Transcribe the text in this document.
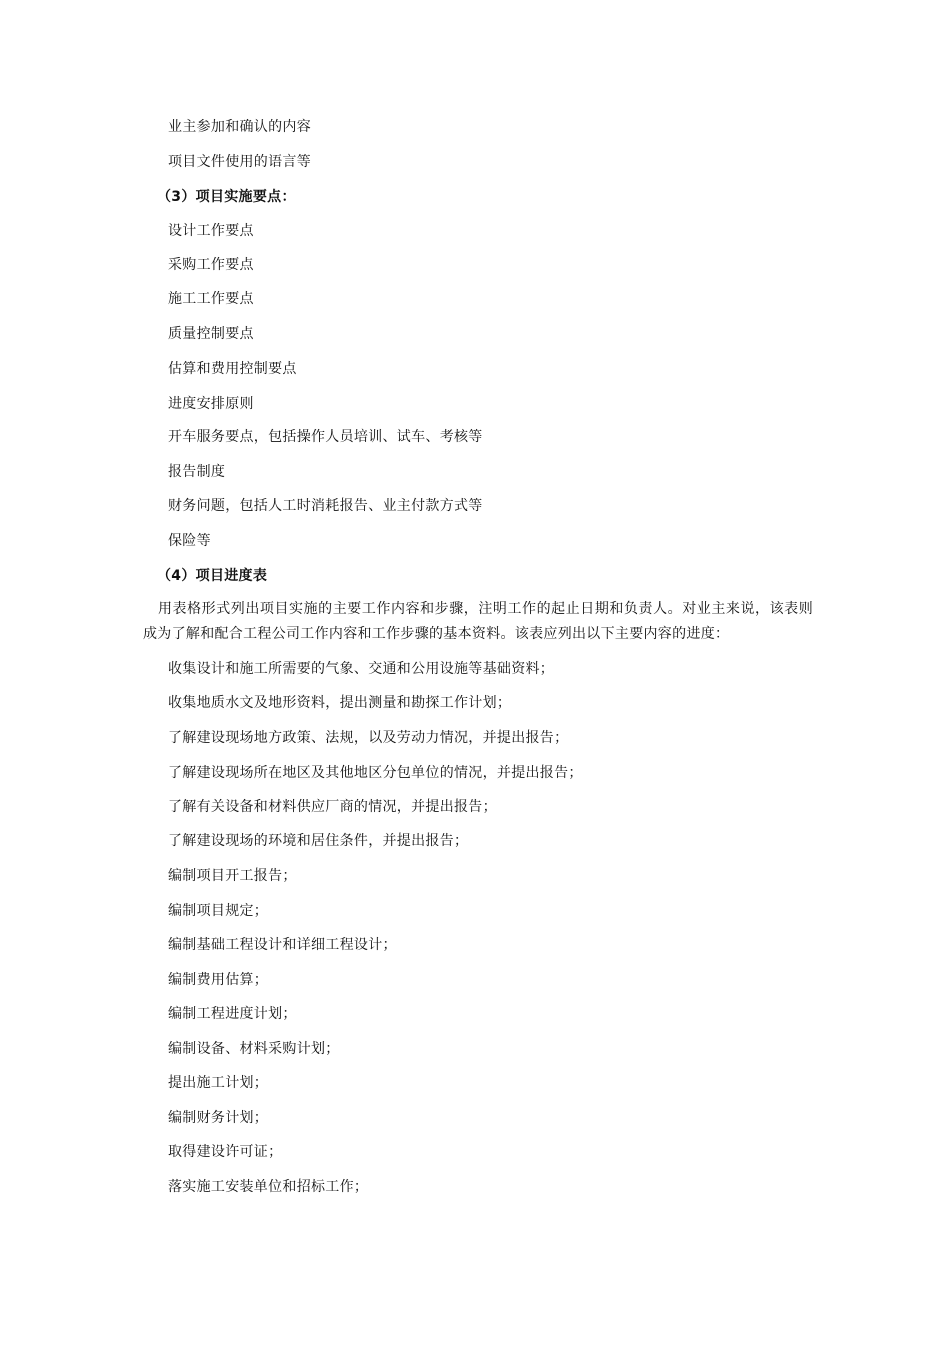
业主参加和确认的内容
项目文件使用的语言等
（3）项目实施要点：
设计工作要点
采购工作要点
施工工作要点
质量控制要点
估算和费用控制要点
进度安排原则
开车服务要点，包括操作人员培训、试车、考核等
报告制度
财务问题，包括人工时消耗报告、业主付款方式等
保险等
（4）项目进度表
用表格形式列出项目实施的主要工作内容和步骤，注明工作的起止日期和负责人。对业主来说，该表则成为了解和配合工程公司工作内容和工作步骤的基本资料。该表应列出以下主要内容的进度：
收集设计和施工所需要的气象、交通和公用设施等基础资料；
收集地质水文及地形资料，提出测量和勘探工作计划；
了解建设现场地方政策、法规，以及劳动力情况，并提出报告；
了解建设现场所在地区及其他地区分包单位的情况，并提出报告；
了解有关设备和材料供应厂商的情况，并提出报告；
了解建设现场的环境和居住条件，并提出报告；
编制项目开工报告；
编制项目规定；
编制基础工程设计和详细工程设计；
编制费用估算；
编制工程进度计划；
编制设备、材料采购计划；
提出施工计划；
编制财务计划；
取得建设许可证；
落实施工安装单位和招标工作；
